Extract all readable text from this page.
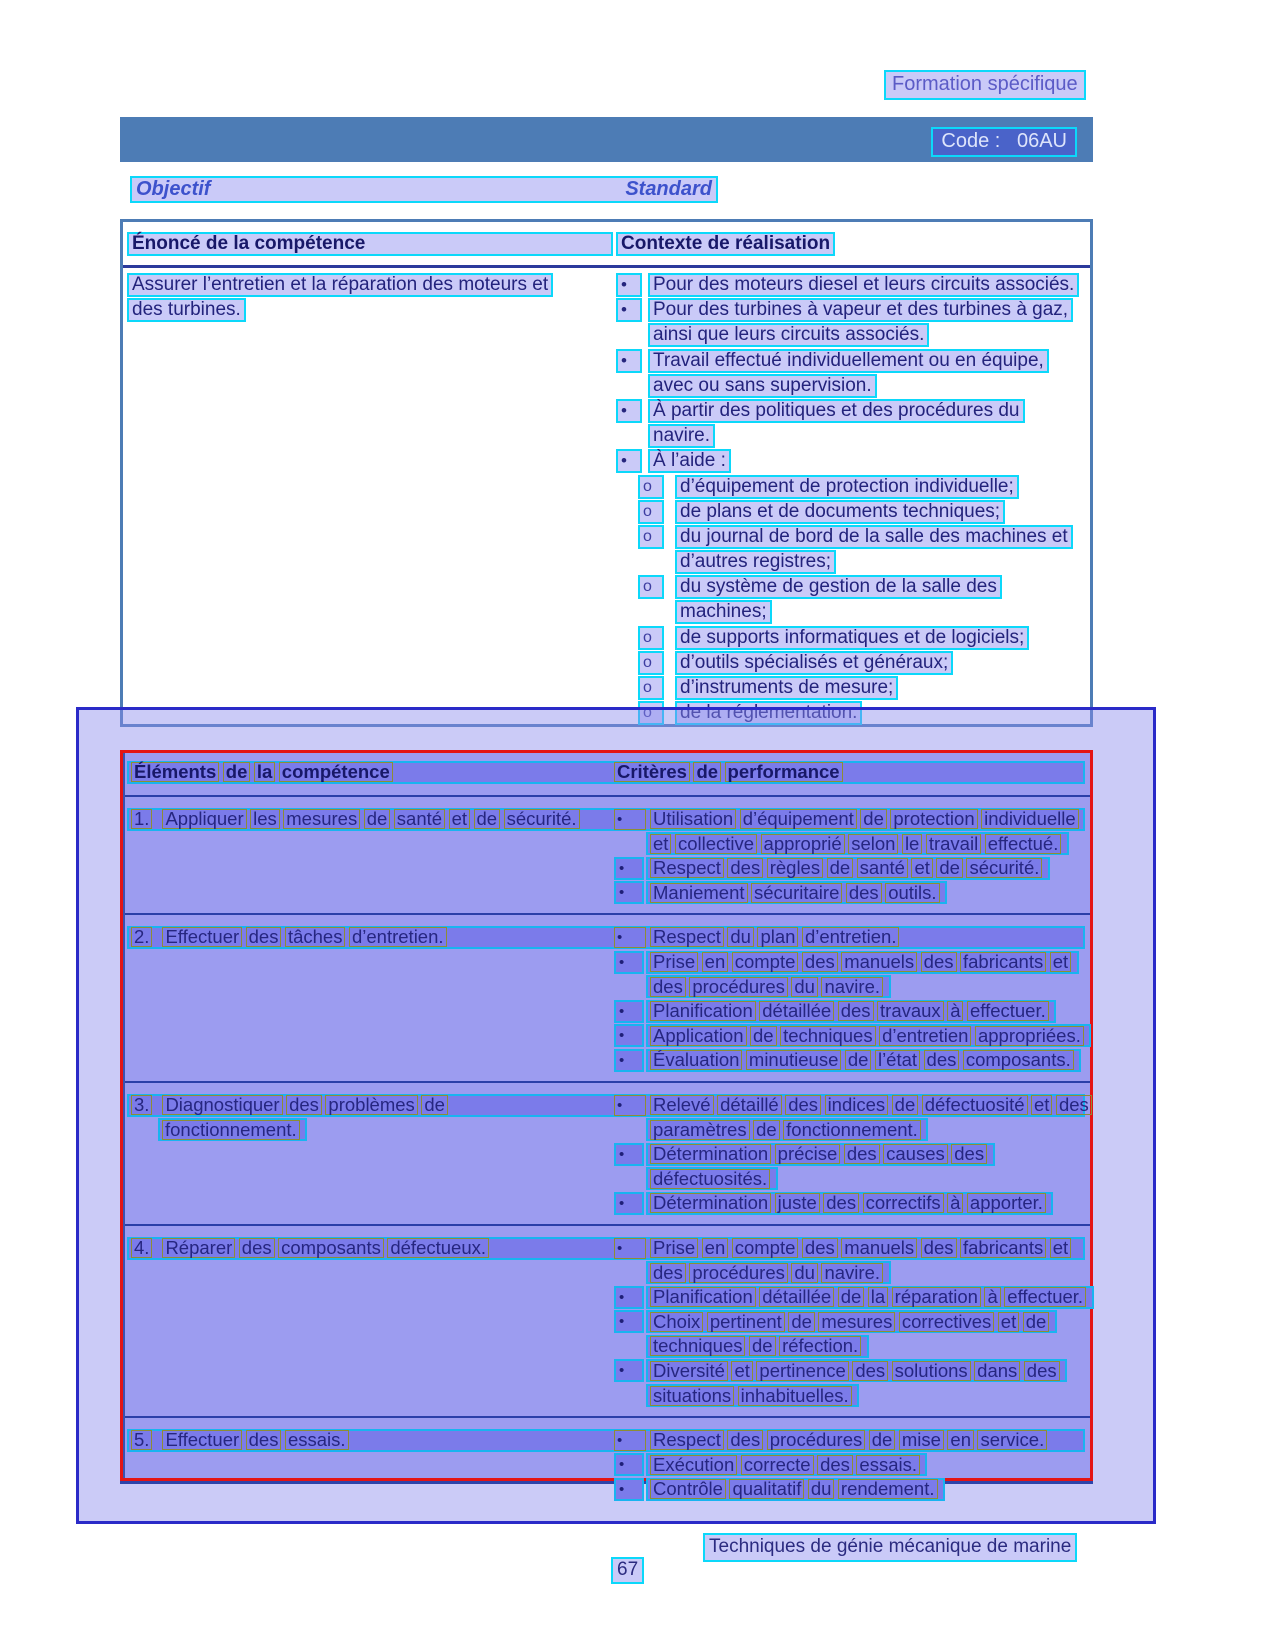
Formation spécifique
Code :   06AU
Objectif	Standard
Énoncé de la compétence	Contexte de réalisation
Assurer l’entretien et la réparation des moteurs et
des turbines.
•	Pour des moteurs diesel et leurs circuits associés.
•	Pour des turbines à vapeur et des turbines à gaz,
ainsi que leurs circuits associés.
•	Travail effectué individuellement ou en équipe,
avec ou sans supervision.
•	À partir des politiques et des procédures du
navire.
•	À l’aide :
o	d’équipement de protection individuelle;
o	de plans et de documents techniques;
o	du journal de bord de la salle des machines et
d’autres registres;
o	du système de gestion de la salle des
machines;
o	de supports informatiques et de logiciels;
o	d’outils spécialisés et généraux;
o	d’instruments de mesure;
o	de la réglementation.
Éléments de la compétence	Critères de performance
1. Appliquer les mesures de santé et de sécurité.	•	Utilisation d’équipement de protection individuelle
et collective approprié selon le travail effectué.
•	Respect des règles de santé et de sécurité.
•	Maniement sécuritaire des outils.
2. Effectuer des tâches d’entretien.	•	Respect du plan d’entretien.
•	Prise en compte des manuels des fabricants et
des procédures du navire.
•	Planification détaillée des travaux à effectuer.
•	Application de techniques d’entretien appropriées.
•	Évaluation minutieuse de l’état des composants.
3. Diagnostiquer des problèmes de	•	Relevé détaillé des indices de défectuosité et des
fonctionnement.	paramètres de fonctionnement.
•	Détermination précise des causes des
défectuosités.
•	Détermination juste des correctifs à apporter.
4. Réparer des composants défectueux.	•	Prise en compte des manuels des fabricants et
des procédures du navire.
•	Planification détaillée de la réparation à effectuer.
•	Choix pertinent de mesures correctives et de
techniques de réfection.
•	Diversité et pertinence des solutions dans des
situations inhabituelles.
5. Effectuer des essais.	•	Respect des procédures de mise en service.
•	Exécution correcte des essais.
•	Contrôle qualitatif du rendement.
Techniques de génie mécanique de marine
67
